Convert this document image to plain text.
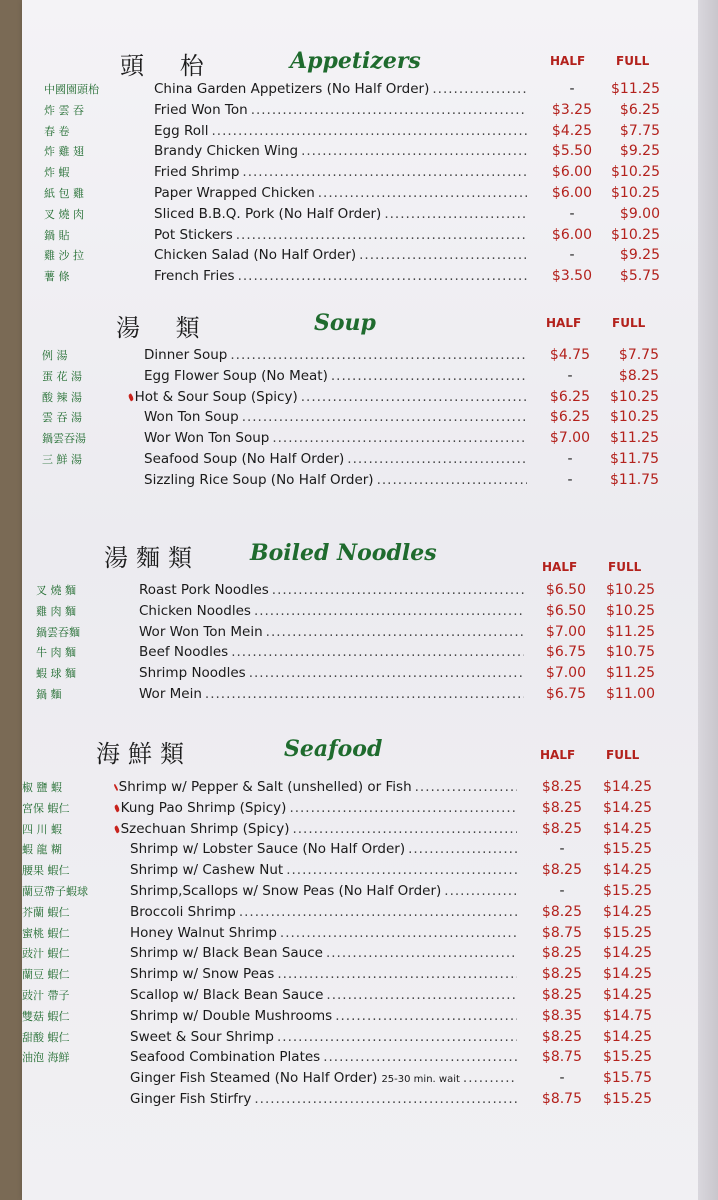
頭 枱	Appetizers	HALF	FULL
中國園頭枱	China Garden Appetizers (No Half Order) .....	-	$11.25
炸 雲 吞	Fried Won Ton .....	$3.25	$6.25
春 卷	Egg Roll .....	$4.25	$7.75
炸 雞 翅	Brandy Chicken Wing .....	$5.50	$9.25
炸 蝦	Fried Shrimp .....	$6.00	$10.25
紙 包 雞	Paper Wrapped Chicken .....	$6.00	$10.25
叉 燒 肉	Sliced B.B.Q. Pork (No Half Order) .....	-	$9.00
鍋 貼	Pot Stickers .....	$6.00	$10.25
雞 沙 拉	Chicken Salad (No Half Order) .....	-	$9.25
薯 條	French Fries .....	$3.50	$5.75
湯 類	Soup	HALF	FULL
例 湯	Dinner Soup .....	$4.75	$7.75
蛋 花 湯	Egg Flower Soup (No Meat) .....	-	$8.25
酸 辣 湯	Hot & Sour Soup (Spicy) .....	$6.25	$10.25
雲 吞 湯	Won Ton Soup .....	$6.25	$10.25
鍋雲吞湯	Wor Won Ton Soup .....	$7.00	$11.25
三 鮮 湯	Seafood Soup (No Half Order) .....	-	$11.75
Sizzling Rice Soup (No Half Order) .....	-	$11.75
湯麵類 Boiled Noodles
HALF	FULL
叉 燒 麵	Roast Pork Noodles .....	$6.50	$10.25
雞 肉 麵	Chicken Noodles .....	$6.50	$10.25
鍋雲吞麵	Wor Won Ton Mein .....	$7.00	$11.25
牛 肉 麵	Beef Noodles .....	$6.75	$10.75
蝦 球 麵	Shrimp Noodles .....	$7.00	$11.25
鍋 麵	Wor Mein .....	$6.75	$11.00
海鮮類	Seafood	HALF	FULL
椒 鹽 蝦	Shrimp w/ Pepper & Salt (unshelled) or Fish .....	$8.25	$14.25
宮保 蝦仁	Kung Pao Shrimp (Spicy) .....	$8.25	$14.25
四 川 蝦	Szechuan Shrimp (Spicy) .....	$8.25	$14.25
蝦 龍 糊	Shrimp w/ Lobster Sauce (No Half Order) .....	-	$15.25
腰果 蝦仁	Shrimp w/ Cashew Nut .....	$8.25	$14.25
蘭豆帶子蝦球	Shrimp,Scallops w/ Snow Peas (No Half Order) .....	-	$15.25
芥蘭 蝦仁	Broccoli Shrimp .....	$8.25	$14.25
蜜桃 蝦仁	Honey Walnut Shrimp .....	$8.75	$15.25
豉汁 蝦仁	Shrimp w/ Black Bean Sauce .....	$8.25	$14.25
蘭豆 蝦仁	Shrimp w/ Snow Peas .....	$8.25	$14.25
豉汁 帶子	Scallop w/ Black Bean Sauce .....	$8.25	$14.25
雙菇 蝦仁	Shrimp w/ Double Mushrooms .....	$8.35	$14.75
甜酸 蝦仁	Sweet & Sour Shrimp .....	$8.25	$14.25
油泡 海鮮	Seafood Combination Plates .....	$8.75	$15.25
Ginger Fish Steamed (No Half Order) 25-30 min. wait .....	-	$15.75
Ginger Fish Stirfry .....	$8.75	$15.25
